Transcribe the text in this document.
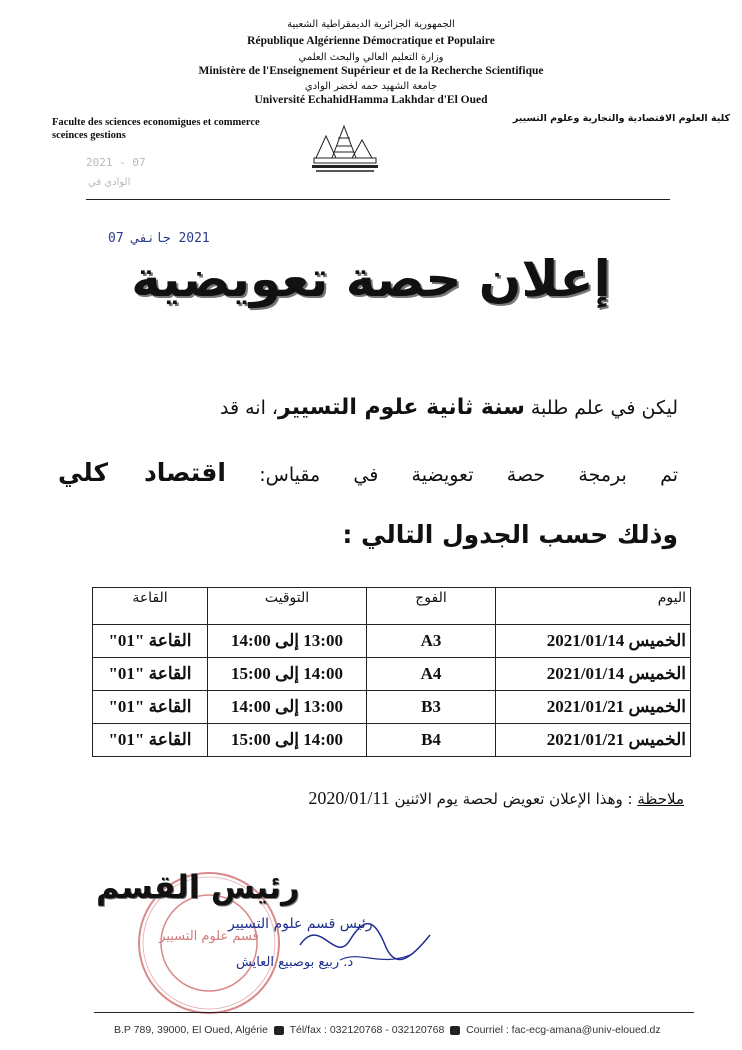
الجمهورية الجزائرية الديمقراطية الشعبية
République Algérienne Démocratique et Populaire
وزارة التعليم العالي والبحث العلمي
Ministère de l'Enseignement Supérieur et de la Recherche Scientifique
جامعة الشهيد حمه لخضر الوادي
Université EchahidHamma Lakhdar d'El Oued
Faculte des sciences economigues et commerce sceinces gestions
كلية العلوم الاقتصادية والتجارية وعلوم التسيير
2021 - 07
الوادي في
2021 جانفي 07
إعلان حصة تعويضية
ليكن في علم طلبة سنة ثانية علوم التسيير، انه قد
تم برمجة حصة تعويضية في مقياس: اقتصاد كلي
وذلك حسب الجدول التالي :
اليوم	الفوج	التوقيت	القاعة
الخميس 2021/01/14	A3	13:00 إلى 14:00	القاعة "01"
الخميس 2021/01/14	A4	14:00 إلى 15:00	القاعة "01"
الخميس 2021/01/21	B3	13:00 إلى 14:00	القاعة "01"
الخميس 2021/01/21	B4	14:00 إلى 15:00	القاعة "01"
ملاحظة : وهذا الإعلان تعويض لحصة يوم الاثنين 2020/01/11
قسم علوم التسيير
رئيس القسم
رئيس قسم علوم التسيير
د. ربيع بوصبيع العايش
B.P 789, 39000, El Oued, Algérie Tél/fax : 032120768 - 032120768 Courriel : fac-ecg-amana@univ-eloued.dz
